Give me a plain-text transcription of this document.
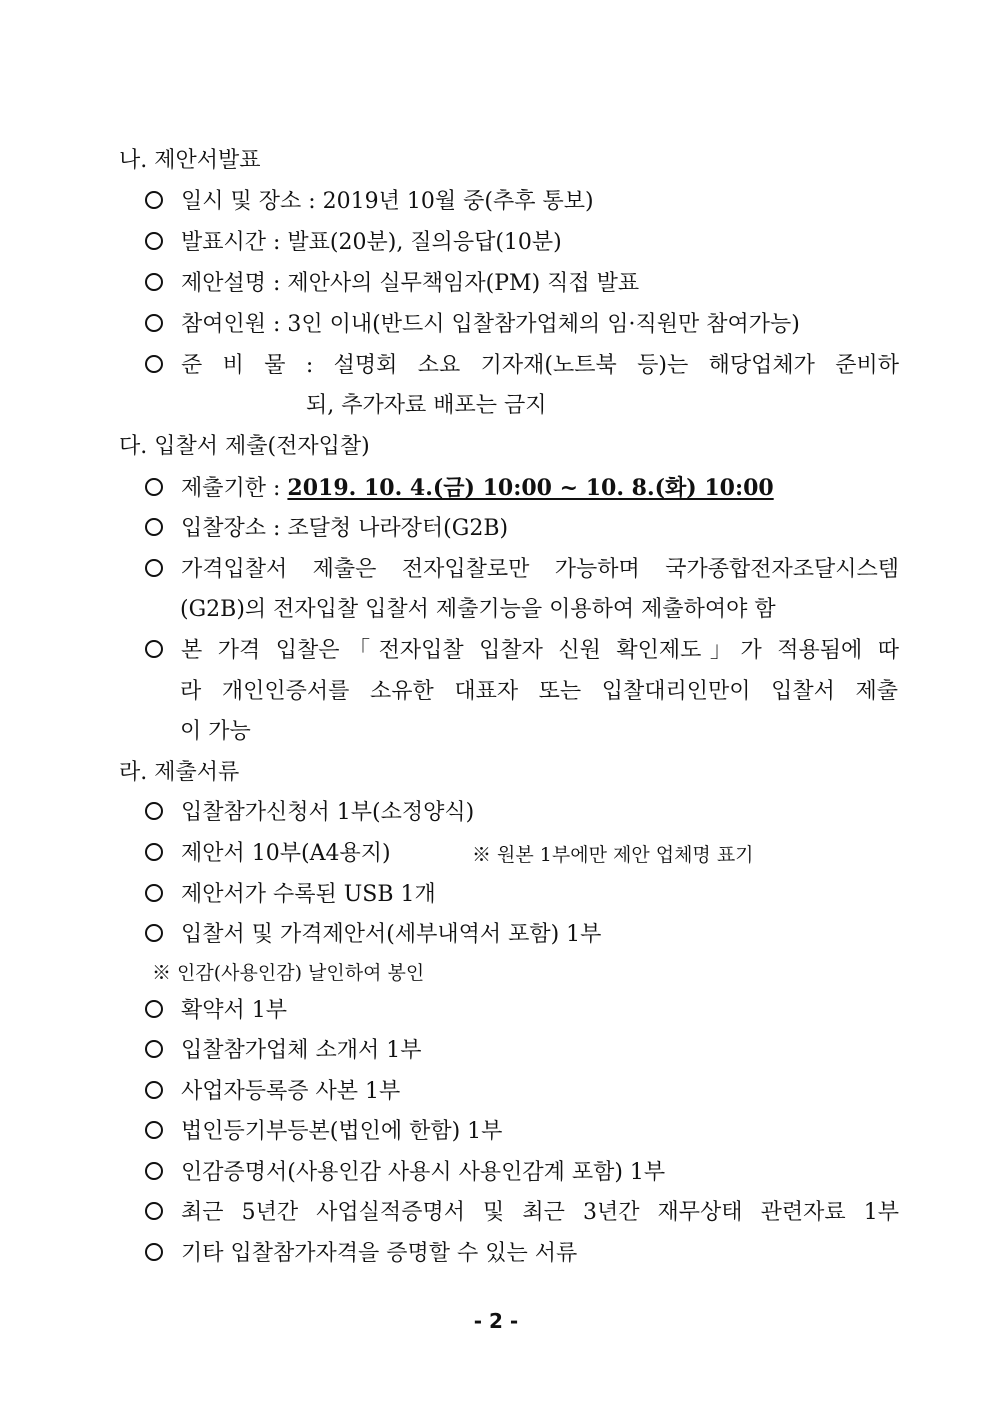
나. 제안서발표
일시 및 장소 : 2019년 10월 중(추후 통보)
발표시간 : 발표(20분), 질의응답(10분)
제안설명 : 제안사의 실무책임자(PM) 직접 발표
참여인원 : 3인 이내(반드시 입찰참가업체의 임·직원만 참여가능)
준 비 물 : 설명회 소요 기자재(노트북 등)는 해당업체가 준비하
되, 추가자료 배포는 금지
다. 입찰서 제출(전자입찰)
제출기한 : 2019. 10. 4.(금) 10:00 ~ 10. 8.(화) 10:00
입찰장소 : 조달청 나라장터(G2B)
가격입찰서 제출은 전자입찰로만 가능하며 국가종합전자조달시스템
(G2B)의 전자입찰 입찰서 제출기능을 이용하여 제출하여야 함
본 가격 입찰은「전자입찰 입찰자 신원 확인제도」가 적용됨에 따
라 개인인증서를 소유한 대표자 또는 입찰대리인만이 입찰서 제출
이 가능
라. 제출서류
입찰참가신청서 1부(소정양식)
제안서 10부(A4용지)	※ 원본 1부에만 제안 업체명 표기
제안서가 수록된 USB 1개
입찰서 및 가격제안서(세부내역서 포함) 1부
※ 인감(사용인감) 날인하여 봉인
확약서 1부
입찰참가업체 소개서 1부
사업자등록증 사본 1부
법인등기부등본(법인에 한함) 1부
인감증명서(사용인감 사용시 사용인감계 포함) 1부
최근 5년간 사업실적증명서 및 최근 3년간 재무상태 관련자료 1부
기타 입찰참가자격을 증명할 수 있는 서류
- 2 -
